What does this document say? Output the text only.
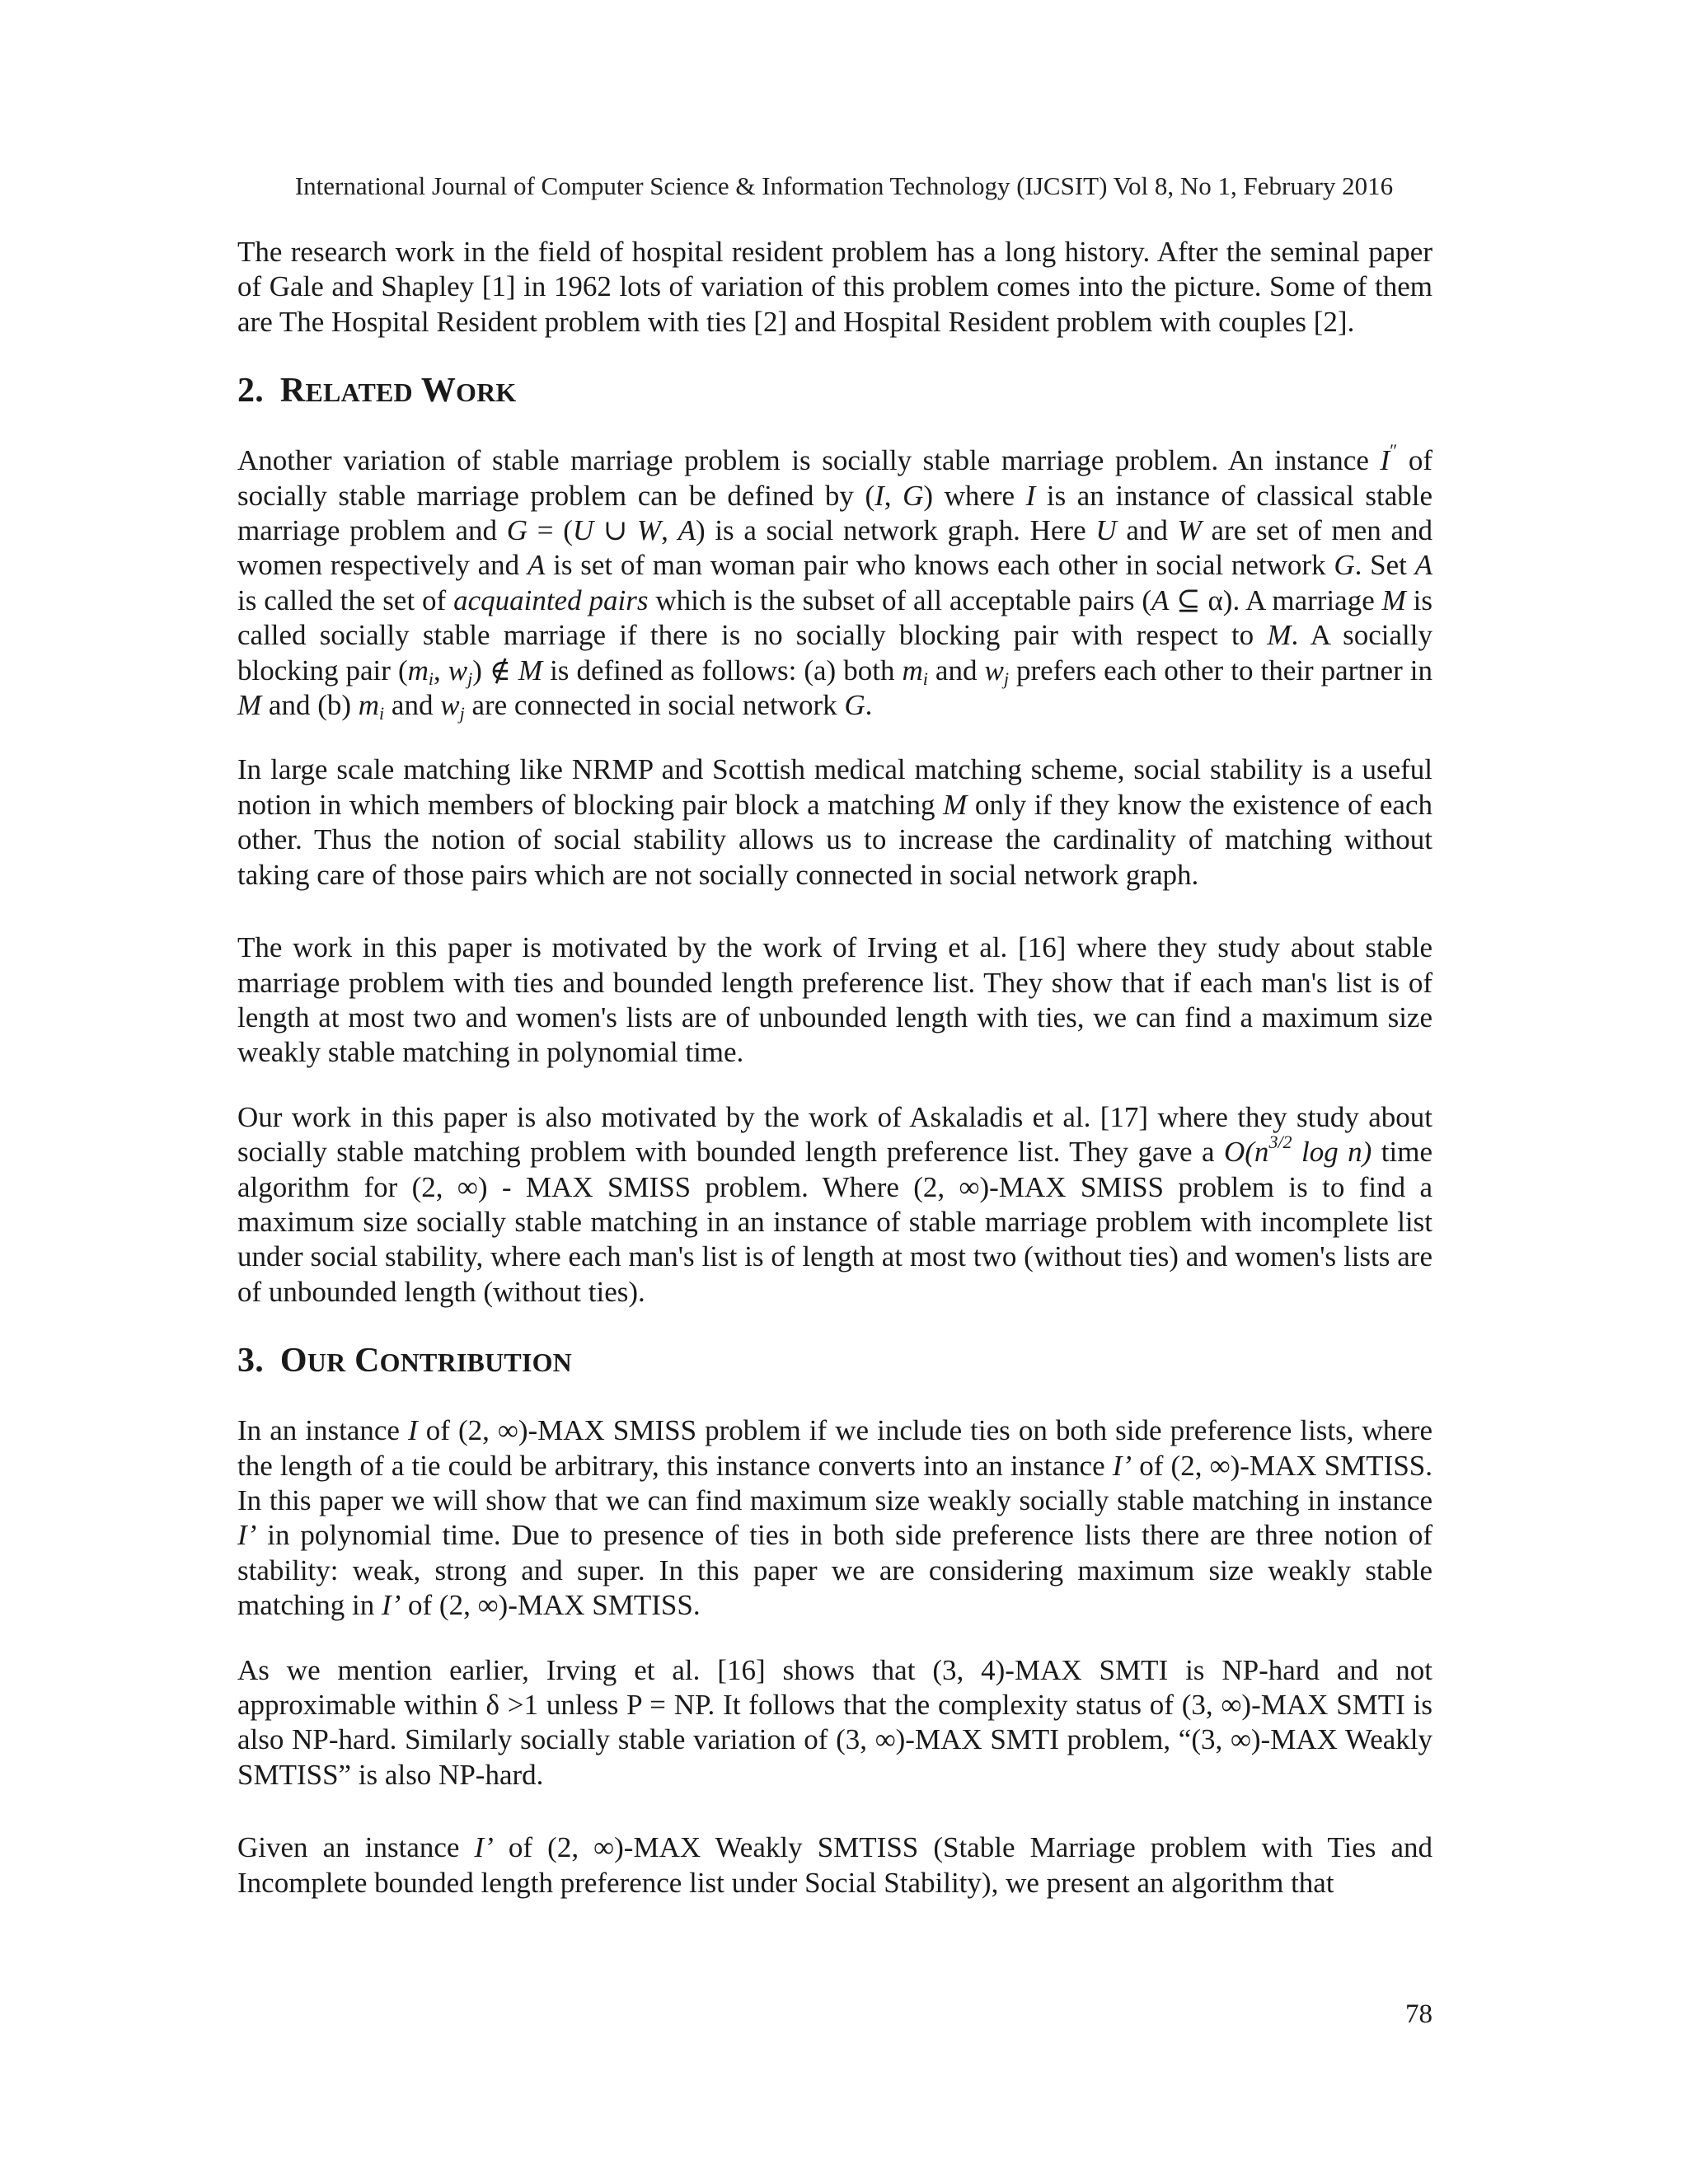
International Journal of Computer Science & Information Technology (IJCSIT) Vol 8, No 1, February 2016

The research work in the field of hospital resident problem has a long history. After the seminal paper of Gale and Shapley [1] in 1962 lots of variation of this problem comes into the picture. Some of them are The Hospital Resident problem with ties [2] and Hospital Resident problem with couples [2].

2. RELATED WORK

Another variation of stable marriage problem is socially stable marriage problem. An instance I″ of socially stable marriage problem can be defined by (I, G) where I is an instance of classical stable marriage problem and G = (U ∪ W, A) is a social network graph. Here U and W are set of men and women respectively and A is set of man woman pair who knows each other in social network G. Set A is called the set of acquainted pairs which is the subset of all acceptable pairs (A ⊆ α). A marriage M is called socially stable marriage if there is no socially blocking pair with respect to M. A socially blocking pair ($m_i$, $w_j$) ∉ M is defined as follows: (a) both $m_i$ and $w_j$ prefers each other to their partner in M and (b) $m_i$ and $w_j$ are connected in social network G.

In large scale matching like NRMP and Scottish medical matching scheme, social stability is a useful notion in which members of blocking pair block a matching M only if they know the existence of each other. Thus the notion of social stability allows us to increase the cardinality of matching without taking care of those pairs which are not socially connected in social network graph.

The work in this paper is motivated by the work of Irving et al. [16] where they study about stable marriage problem with ties and bounded length preference list. They show that if each man's list is of length at most two and women's lists are of unbounded length with ties, we can find a maximum size weakly stable matching in polynomial time.

Our work in this paper is also motivated by the work of Askaladis et al. [17] where they study about socially stable matching problem with bounded length preference list. They gave a $O(n^{3/2}$ log n) time algorithm for (2, ∞) - MAX SMISS problem. Where (2, ∞)-MAX SMISS problem is to find a maximum size socially stable matching in an instance of stable marriage problem with incomplete list under social stability, where each man's list is of length at most two (without ties) and women's lists are of unbounded length (without ties).

3. OUR CONTRIBUTION

In an instance I of (2, ∞)-MAX SMISS problem if we include ties on both side preference lists, where the length of a tie could be arbitrary, this instance converts into an instance I’ of (2, ∞)-MAX SMTISS. In this paper we will show that we can find maximum size weakly socially stable matching in instance I’ in polynomial time. Due to presence of ties in both side preference lists there are three notion of stability: weak, strong and super. In this paper we are considering maximum size weakly stable matching in I’ of (2, ∞)-MAX SMTISS.

As we mention earlier, Irving et al. [16] shows that (3, 4)-MAX SMTI is NP-hard and not approximable within δ >1 unless P = NP. It follows that the complexity status of (3, ∞)-MAX SMTI is also NP-hard. Similarly socially stable variation of (3, ∞)-MAX SMTI problem, “(3, ∞)-MAX Weakly SMTISS” is also NP-hard.

Given an instance I’ of (2, ∞)-MAX Weakly SMTISS (Stable Marriage problem with Ties and Incomplete bounded length preference list under Social Stability), we present an algorithm that

78
